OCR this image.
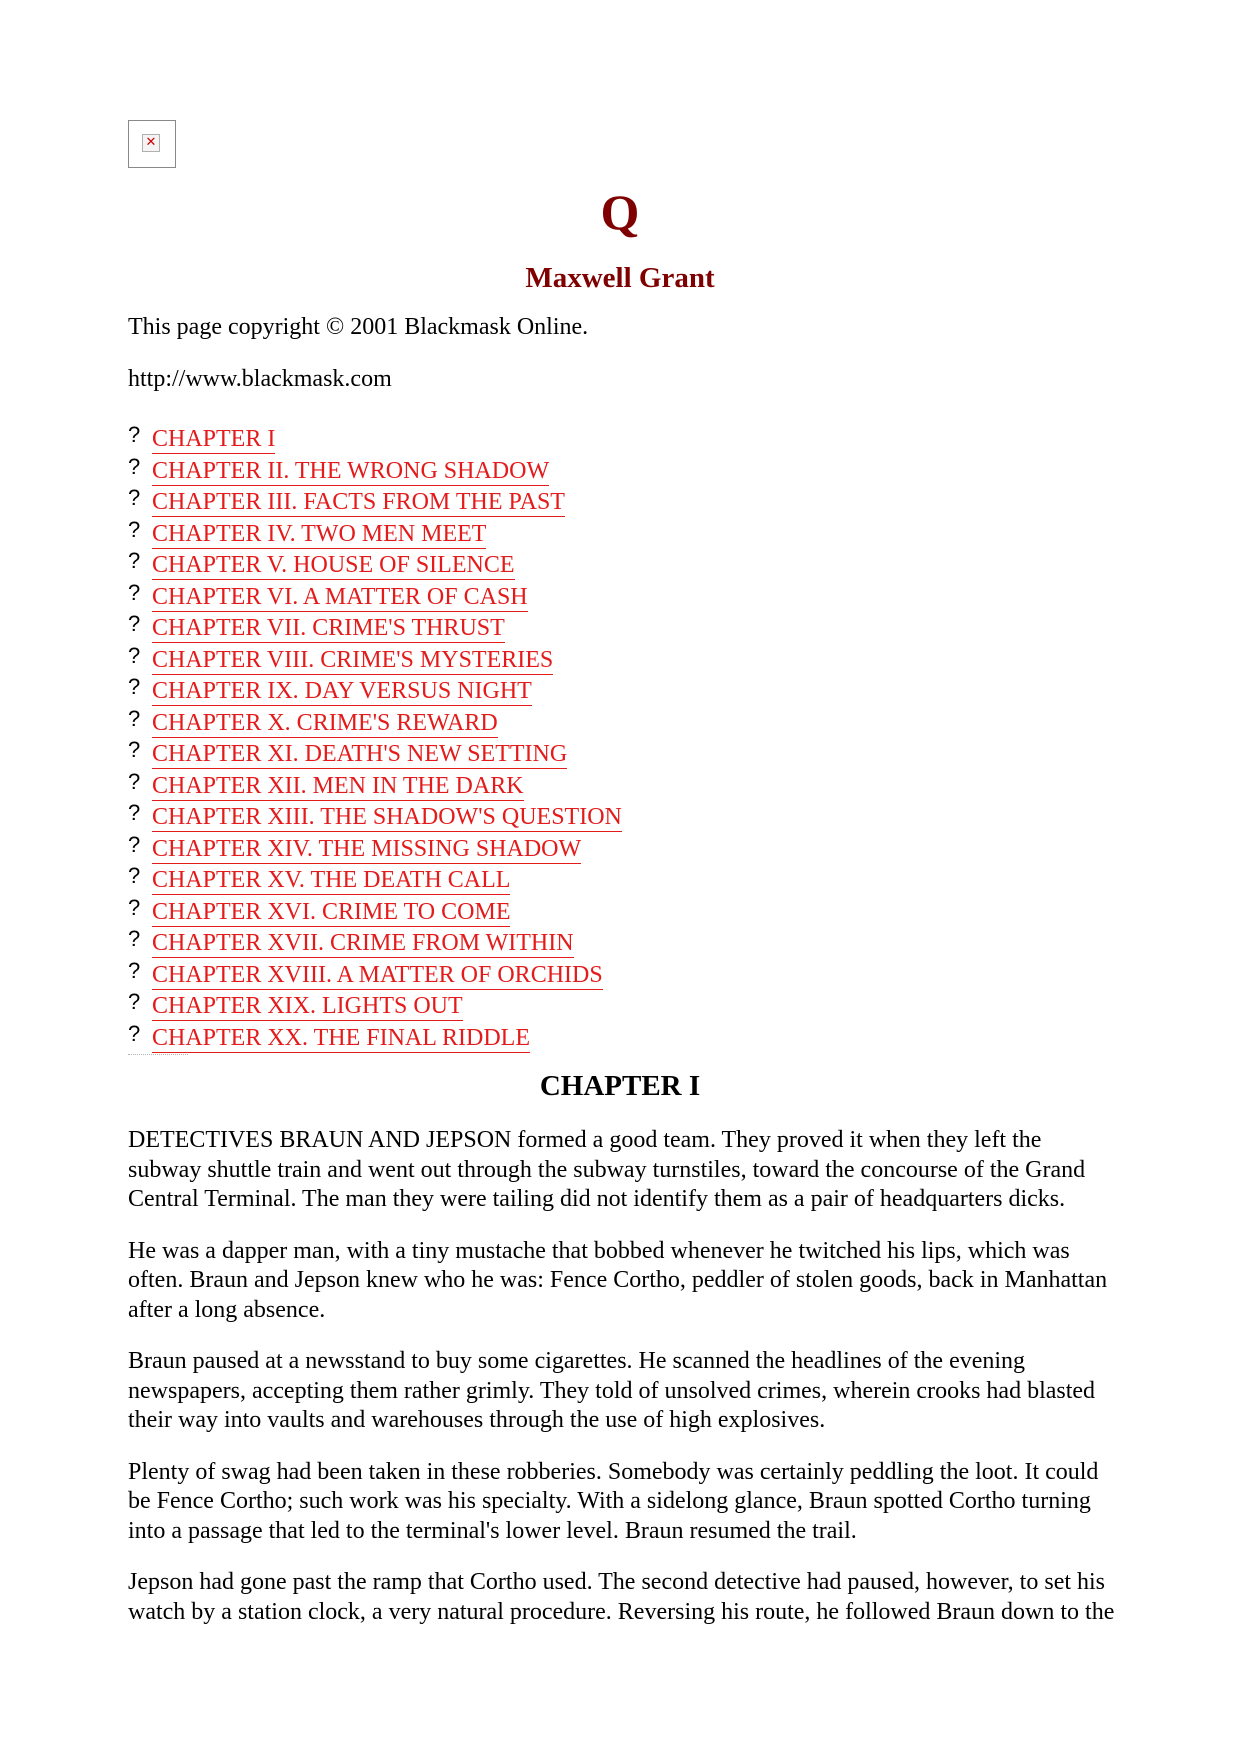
✕
Q
Maxwell Grant
This page copyright © 2001 Blackmask Online.
http://www.blackmask.com
? CHAPTER I
? CHAPTER II. THE WRONG SHADOW
? CHAPTER III. FACTS FROM THE PAST
? CHAPTER IV. TWO MEN MEET
? CHAPTER V. HOUSE OF SILENCE
? CHAPTER VI. A MATTER OF CASH
? CHAPTER VII. CRIME'S THRUST
? CHAPTER VIII. CRIME'S MYSTERIES
? CHAPTER IX. DAY VERSUS NIGHT
? CHAPTER X. CRIME'S REWARD
? CHAPTER XI. DEATH'S NEW SETTING
? CHAPTER XII. MEN IN THE DARK
? CHAPTER XIII. THE SHADOW'S QUESTION
? CHAPTER XIV. THE MISSING SHADOW
? CHAPTER XV. THE DEATH CALL
? CHAPTER XVI. CRIME TO COME
? CHAPTER XVII. CRIME FROM WITHIN
? CHAPTER XVIII. A MATTER OF ORCHIDS
? CHAPTER XIX. LIGHTS OUT
? CHAPTER XX. THE FINAL RIDDLE
CHAPTER I

DETECTIVES BRAUN AND JEPSON formed a good team. They proved it when they left the subway shuttle train and went out through the subway turnstiles, toward the concourse of the Grand Central Terminal. The man they were tailing did not identify them as a pair of headquarters dicks.

He was a dapper man, with a tiny mustache that bobbed whenever he twitched his lips, which was often. Braun and Jepson knew who he was: Fence Cortho, peddler of stolen goods, back in Manhattan after a long absence.

Braun paused at a newsstand to buy some cigarettes. He scanned the headlines of the evening newspapers, accepting them rather grimly. They told of unsolved crimes, wherein crooks had blasted their way into vaults and warehouses through the use of high explosives.

Plenty of swag had been taken in these robberies. Somebody was certainly peddling the loot. It could be Fence Cortho; such work was his specialty. With a sidelong glance, Braun spotted Cortho turning into a passage that led to the terminal's lower level. Braun resumed the trail.

Jepson had gone past the ramp that Cortho used. The second detective had paused, however, to set his watch by a station clock, a very natural procedure. Reversing his route, he followed Braun down to the
